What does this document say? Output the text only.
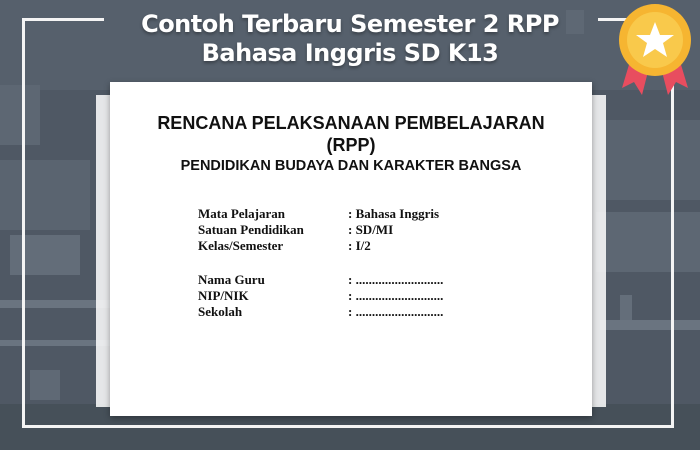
Contoh Terbaru Semester 2 RPP
Bahasa Inggris SD K13
RENCANA PELAKSANAAN PEMBELAJARAN
(RPP)
PENDIDIKAN BUDAYA DAN KARAKTER BANGSA
Mata Pelajaran	: Bahasa Inggris
Satuan Pendidikan	: SD/MI
Kelas/Semester	: I/2
Nama Guru	: ...........................
NIP/NIK	: ...........................
Sekolah	: ...........................
